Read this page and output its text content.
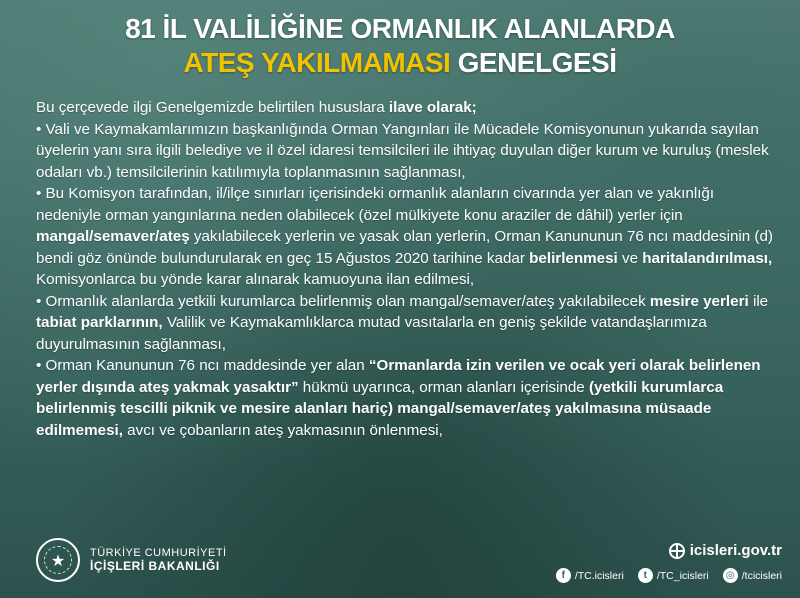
81 İL VALİLİĞİNE ORMANLIK ALANLARDA
ATEŞ YAKILMAMASI GENELGESİ

Bu çerçevede ilgi Genelgemizde belirtilen hususlara ilave olarak;

• Vali ve Kaymakamlarımızın başkanlığında Orman Yangınları ile Mücadele Komisyonunun yukarıda sayılan üyelerin yanı sıra ilgili belediye ve il özel idaresi temsilcileri ile ihtiyaç duyulan diğer kurum ve kuruluş (meslek odaları vb.) temsilcilerinin katılımıyla toplanmasının sağlanması,

• Bu Komisyon tarafından, il/ilçe sınırları içerisindeki ormanlık alanların civarında yer alan ve yakınlığı nedeniyle orman yangınlarına neden olabilecek (özel mülkiyete konu araziler de dâhil) yerler için mangal/semaver/ateş yakılabilecek yerlerin ve yasak olan yerlerin, Orman Kanununun 76 ncı maddesinin (d) bendi göz önünde bulundurularak en geç 15 Ağustos 2020 tarihine kadar belirlenmesi ve haritalandırılması, Komisyonlarca bu yönde karar alınarak kamuoyuna ilan edilmesi,

• Ormanlık alanlarda yetkili kurumlarca belirlenmiş olan mangal/semaver/ateş yakılabilecek mesire yerleri ile tabiat parklarının, Valilik ve Kaymakamlıklarca mutad vasıtalarla en geniş şekilde vatandaşlarımıza duyurulmasının sağlanması,

• Orman Kanununun 76 ncı maddesinde yer alan “Ormanlarda izin verilen ve ocak yeri olarak belirlenen yerler dışında ateş yakmak yasaktır” hükmü uyarınca, orman alanları içerisinde (yetkili kurumlarca belirlenmiş tescilli piknik ve mesire alanları hariç) mangal/semaver/ateş yakılmasına müsaade edilmemesi, avcı ve çobanların ateş yakmasının önlenmesi,

★
TÜRKİYE CUMHURİYETİ
İÇİŞLERİ BAKANLIĞI
icisleri.gov.tr
f /TC.icisleri	t /TC_icisleri	◎ /tcicisleri
